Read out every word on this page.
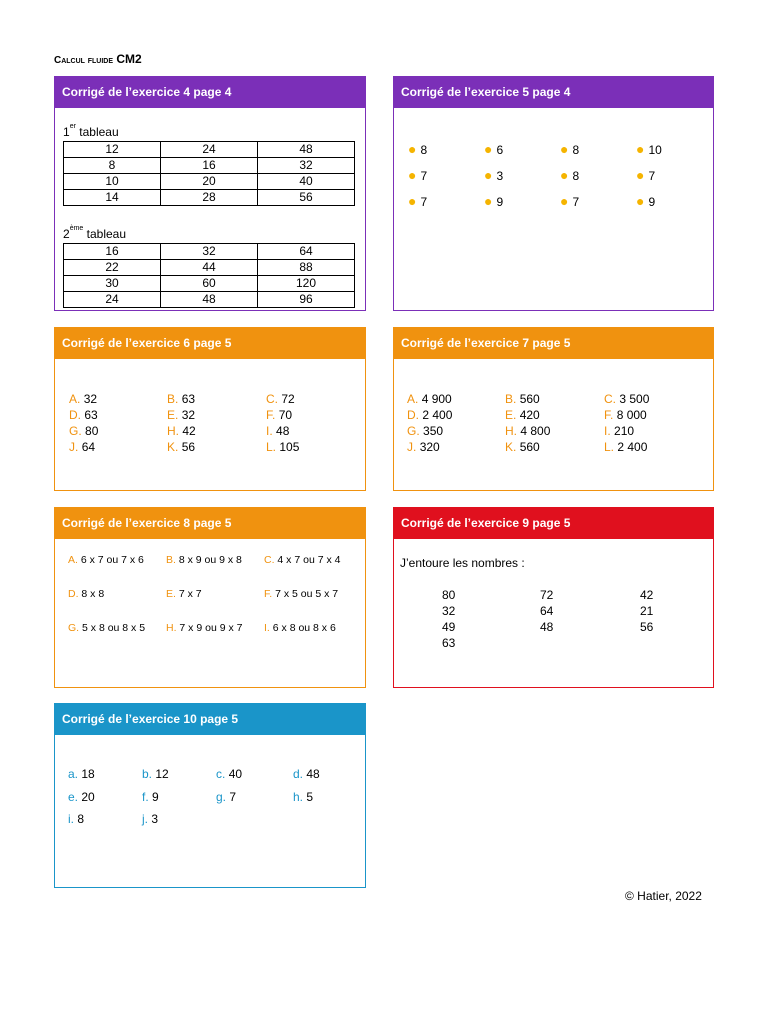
Calcul fluide CM2
Corrigé de l’exercice 4 page 4
1er tableau
12	24	48
8	16	32
10	20	40
14	28	56
2ème tableau
16	32	64
22	44	88
30	60	120
24	48	96
Corrigé de l’exercice 5 page 4
● 8	● 6	● 8	● 10
● 7	● 3	● 8	● 7
● 7	● 9	● 7	● 9
Corrigé de l’exercice 6 page 5
A. 32	B. 63	C. 72
D. 63	E. 32	F. 70
G. 80	H. 42	I. 48
J. 64	K. 56	L. 105
Corrigé de l’exercice 7 page 5
A. 4 900	B. 560	C. 3 500
D. 2 400	E. 420	F. 8 000
G. 350	H. 4 800	I. 210
J. 320	K. 560	L. 2 400
Corrigé de l’exercice 8 page 5
A. 6 x 7 ou 7 x 6 B. 8 x 9 ou 9 x 8 C. 4 x 7 ou 7 x 4
D. 8 x 8	E. 7 x 7	F. 7 x 5 ou 5 x 7
G. 5 x 8 ou 8 x 5 H. 7 x 9 ou 9 x 7 I. 6 x 8 ou 8 x 6
Corrigé de l’exercice 9 page 5
J’entoure les nombres :
80	72	42
32	64	21
49	48	56
63
Corrigé de l’exercice 10 page 5
a. 18	b. 12	c. 40	d. 48
e. 20	f. 9	g. 7	h. 5
i. 8	j. 3
© Hatier, 2022
